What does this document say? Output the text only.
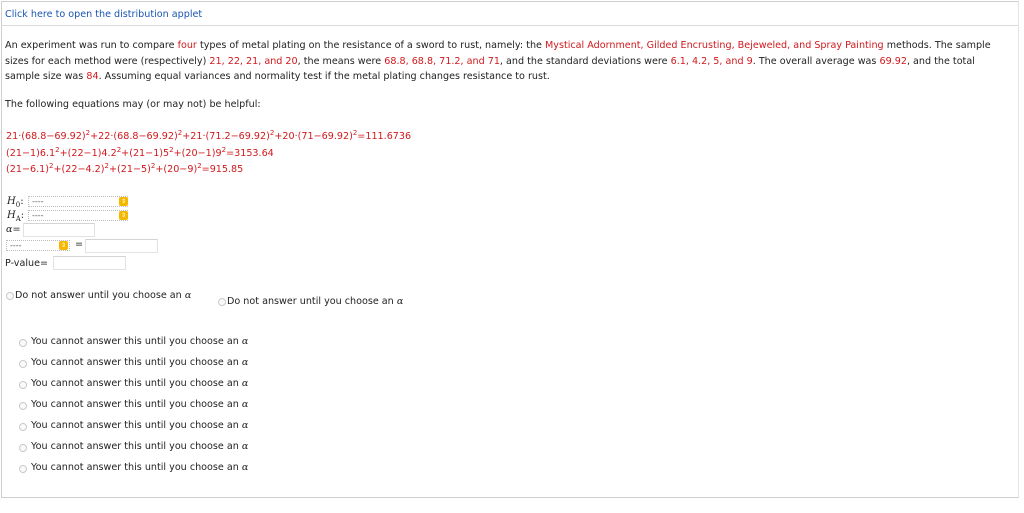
Click here to open the distribution applet
An experiment was run to compare four types of metal plating on the resistance of a sword to rust, namely: the Mystical Adornment, Gilded Encrusting, Bejeweled, and Spray Painting methods. The sample sizes for each method were (respectively) 21, 22, 21, and 20, the means were 68.8, 68.8, 71.2, and 71, and the standard deviations were 6.1, 4.2, 5, and 9. The overall average was 69.92, and the total sample size was 84. Assuming equal variances and normality test if the metal plating changes resistance to rust.
The following equations may (or may not) be helpful:
$21\cdot(68.8-69.92)^2+22\cdot(68.8-69.92)^2+21\cdot(71.2-69.92)^2+20\cdot(71-69.92)^2=111.6736$
$(21-1)6.1^2+(22-1)4.2^2+(21-1)5^2+(20-1)9^2=3153.64$
$(21-6.1)^2+(22-4.2)^2+(21-5)^2+(20-9)^2=915.85$
$H_0$:	----	⇕
$H_A$: ----	⇕
α=
----	⇕ =
P-value=
Do not answer until you choose an α
Do not answer until you choose an α
You cannot answer this until you choose an α
You cannot answer this until you choose an α
You cannot answer this until you choose an α
You cannot answer this until you choose an α
You cannot answer this until you choose an α
You cannot answer this until you choose an α
You cannot answer this until you choose an α
